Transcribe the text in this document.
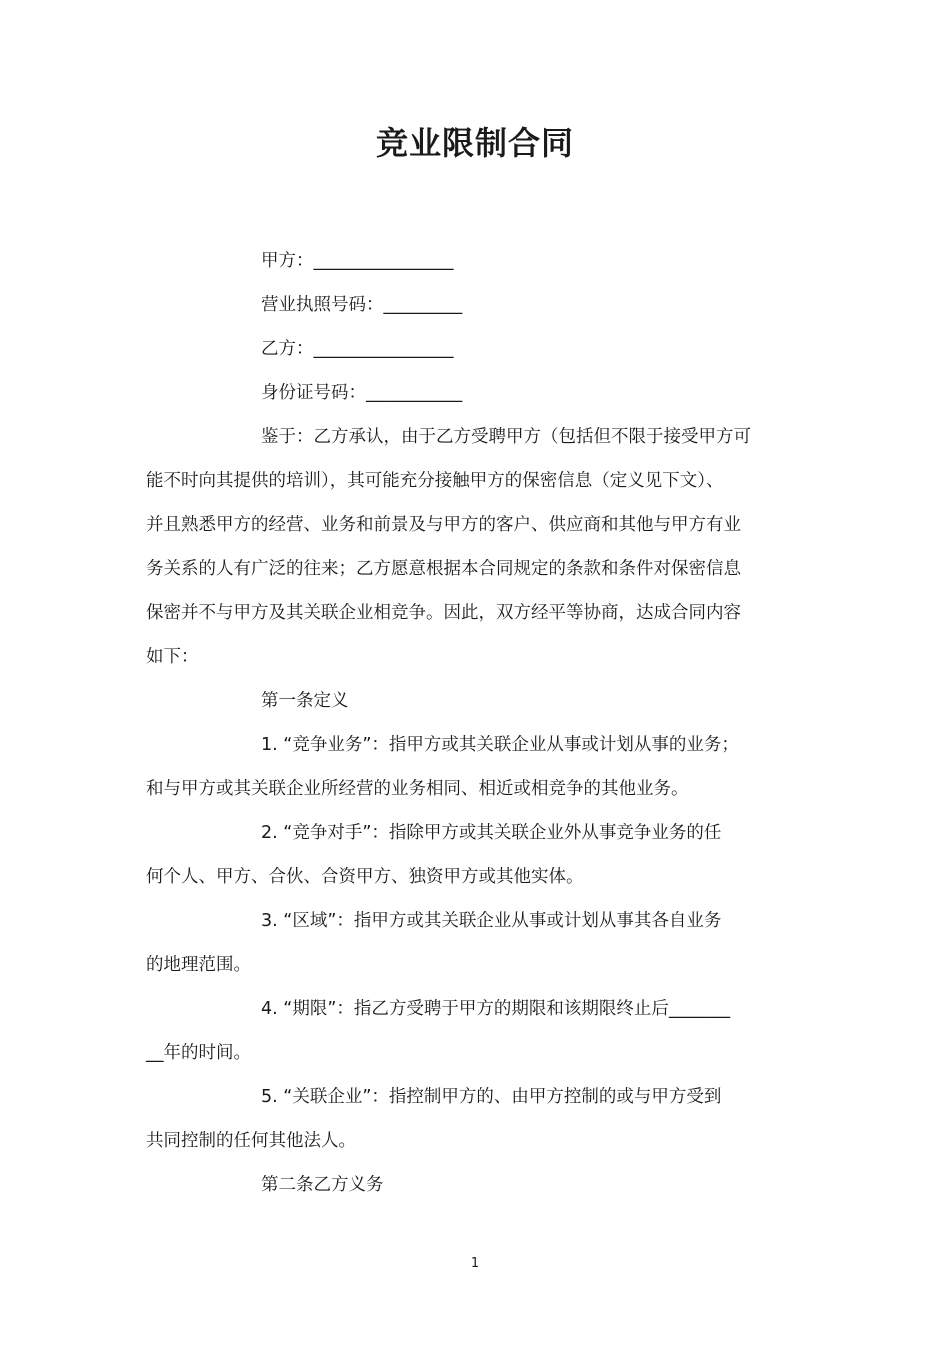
竞业限制合同
甲方：________________
营业执照号码：_________
乙方：________________
身份证号码：___________
鉴于：乙方承认，由于乙方受聘甲方（包括但不限于接受甲方可
能不时向其提供的培训），其可能充分接触甲方的保密信息（定义见下文）、
并且熟悉甲方的经营、业务和前景及与甲方的客户、供应商和其他与甲方有业
务关系的人有广泛的往来；乙方愿意根据本合同规定的条款和条件对保密信息
保密并不与甲方及其关联企业相竞争。因此，双方经平等协商，达成合同内容
如下：
第一条定义
1. “竞争业务”：指甲方或其关联企业从事或计划从事的业务；
和与甲方或其关联企业所经营的业务相同、相近或相竞争的其他业务。
2. “竞争对手”：指除甲方或其关联企业外从事竞争业务的任
何个人、甲方、合伙、合资甲方、独资甲方或其他实体。
3. “区域”：指甲方或其关联企业从事或计划从事其各自业务
的地理范围。
4. “期限”：指乙方受聘于甲方的期限和该期限终止后_______
__年的时间。
5. “关联企业”：指控制甲方的、由甲方控制的或与甲方受到
共同控制的任何其他法人。
第二条乙方义务
1
